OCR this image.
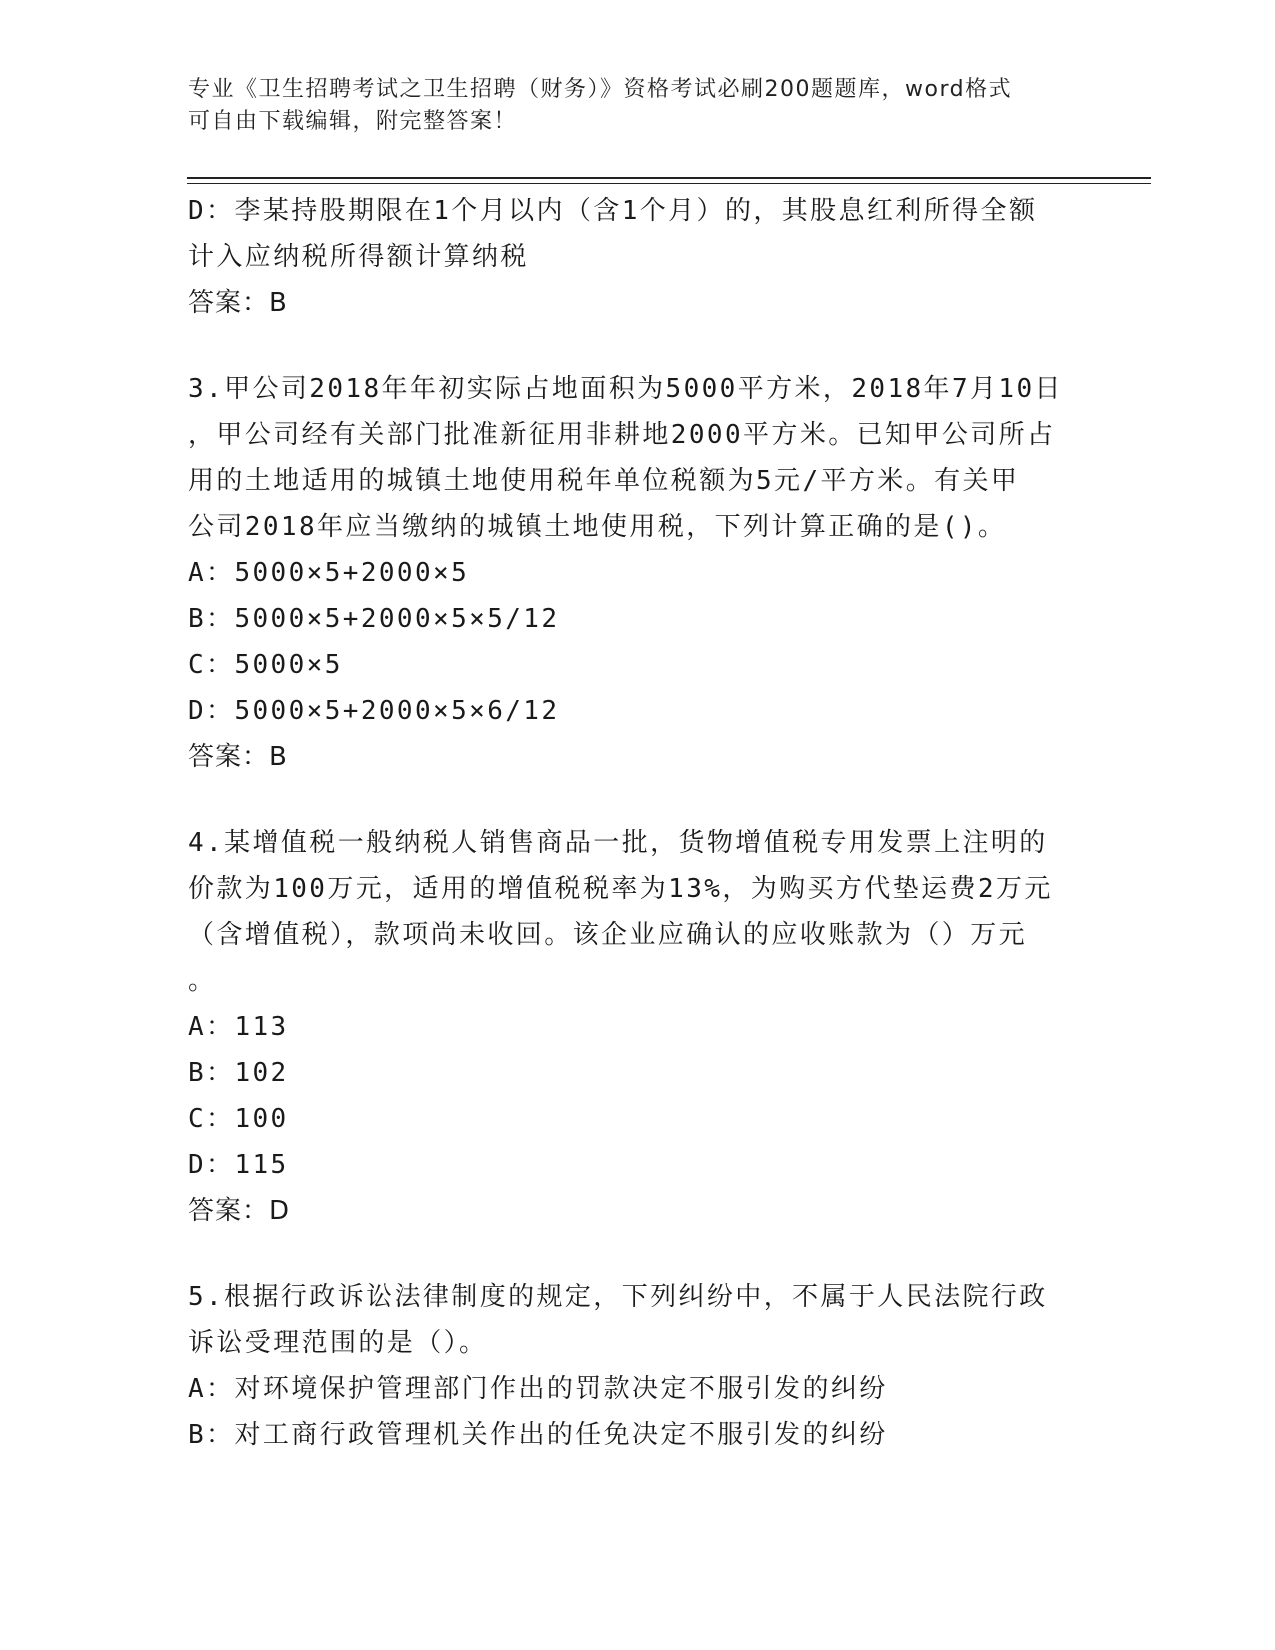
专业《卫生招聘考试之卫生招聘（财务）》资格考试必刷200题题库，word格式
可自由下载编辑，附完整答案！
D：李某持股期限在1个月以内（含1个月）的，其股息红利所得全额
计入应纳税所得额计算纳税
答案：B
3.甲公司2018年年初实际占地面积为5000平方米，2018年7月10日
，甲公司经有关部门批准新征用非耕地2000平方米。已知甲公司所占
用的土地适用的城镇土地使用税年单位税额为5元/平方米。有关甲
公司2018年应当缴纳的城镇土地使用税，下列计算正确的是()。
A：5000×5+2000×5
B：5000×5+2000×5×5/12
C：5000×5
D：5000×5+2000×5×6/12
答案：B
4.某增值税一般纳税人销售商品一批，货物增值税专用发票上注明的
价款为100万元，适用的增值税税率为13%，为购买方代垫运费2万元
（含增值税），款项尚未收回。该企业应确认的应收账款为（）万元
。
A：113
B：102
C：100
D：115
答案：D
5.根据行政诉讼法律制度的规定，下列纠纷中，不属于人民法院行政
诉讼受理范围的是（）。
A：对环境保护管理部门作出的罚款决定不服引发的纠纷
B：对工商行政管理机关作出的任免决定不服引发的纠纷
